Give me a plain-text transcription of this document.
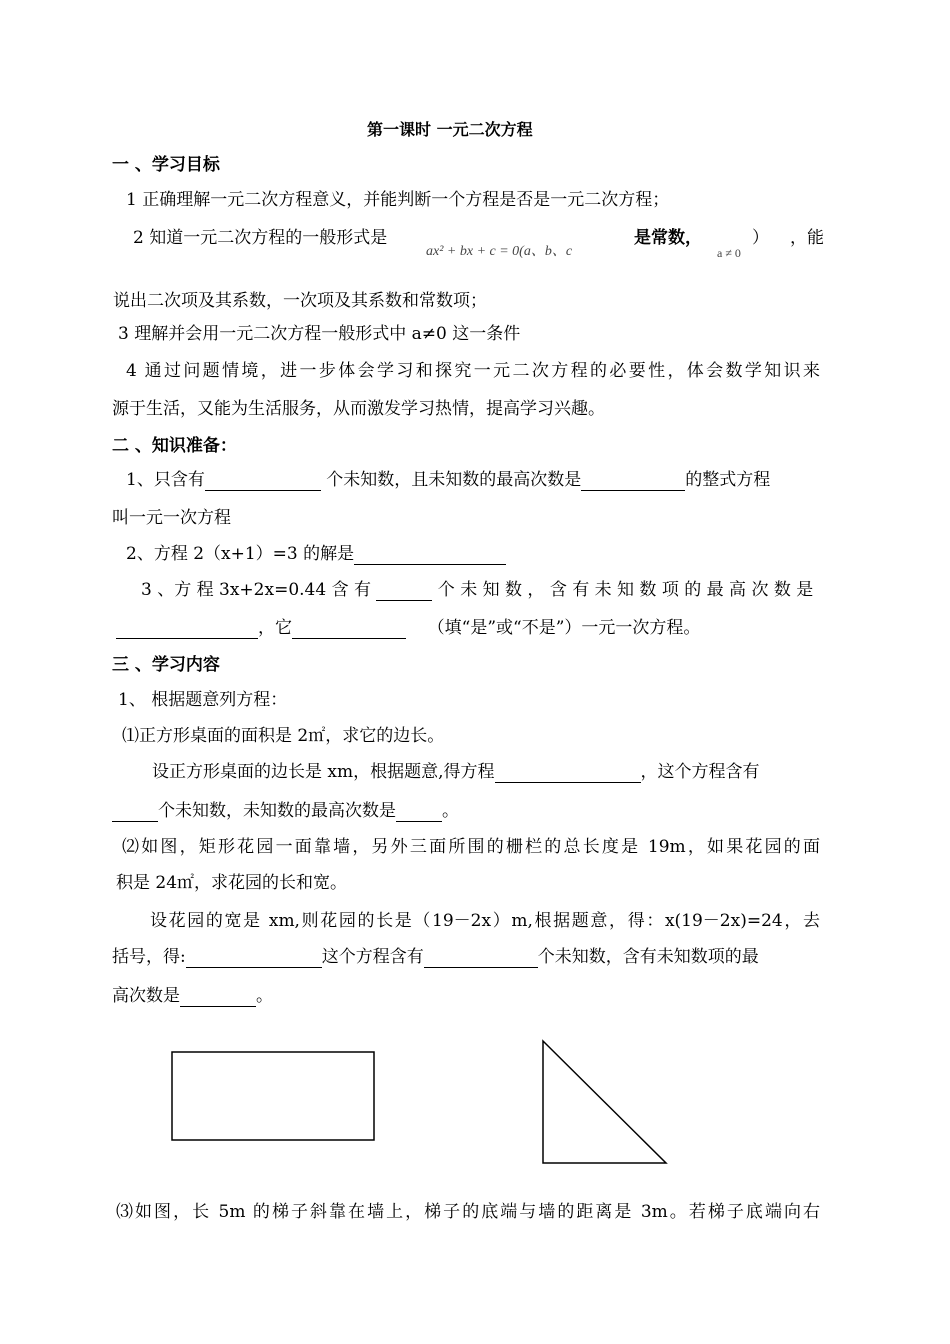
第一课时 一元二次方程
一 、学习目标
1 正确理解一元二次方程意义，并能判断一个方程是否是一元二次方程；
2 知道一元二次方程的一般形式是
ax² + bx + c = 0(a、b、c
是常数，
a ≠ 0
） ，能
说出二次项及其系数，一次项及其系数和常数项；
3 理解并会用一元二次方程一般形式中 a≠0 这一条件
4 通过问题情境，进一步体会学习和探究一元二次方程的必要性，体会数学知识来
源于生活，又能为生活服务，从而激发学习热情，提高学习兴趣。
二 、知识准备：
1、只含有	个未知数，且未知数的最高次数是	的整式方程
叫一元一次方程
2、方程 2（x+1）=3 的解是
3 、方 程 3x+2x=0.44 含 有	个 未 知 数 ， 含 有 未 知 数 项 的 最 高 次 数 是
，它	（填“是”或“不是”）一元一次方程。
三 、学习内容
1、 根据题意列方程：
⑴正方形桌面的面积是 2㎡，求它的边长。
设正方形桌面的边长是 xm，根据题意,得方程	，这个方程含有
个未知数，未知数的最高次数是	。
⑵如图，矩形花园一面靠墙，另外三面所围的栅栏的总长度是 19m，如果花园的面
积是 24㎡，求花园的长和宽。
设花园的宽是 xm,则花园的长是（19－2x）m,根据题意，得：x(19－2x)=24，去
括号，得:	这个方程含有	个未知数，含有未知数项的最
高次数是	。
⑶如图，长 5m 的梯子斜靠在墙上，梯子的底端与墙的距离是 3m。若梯子底端向右
